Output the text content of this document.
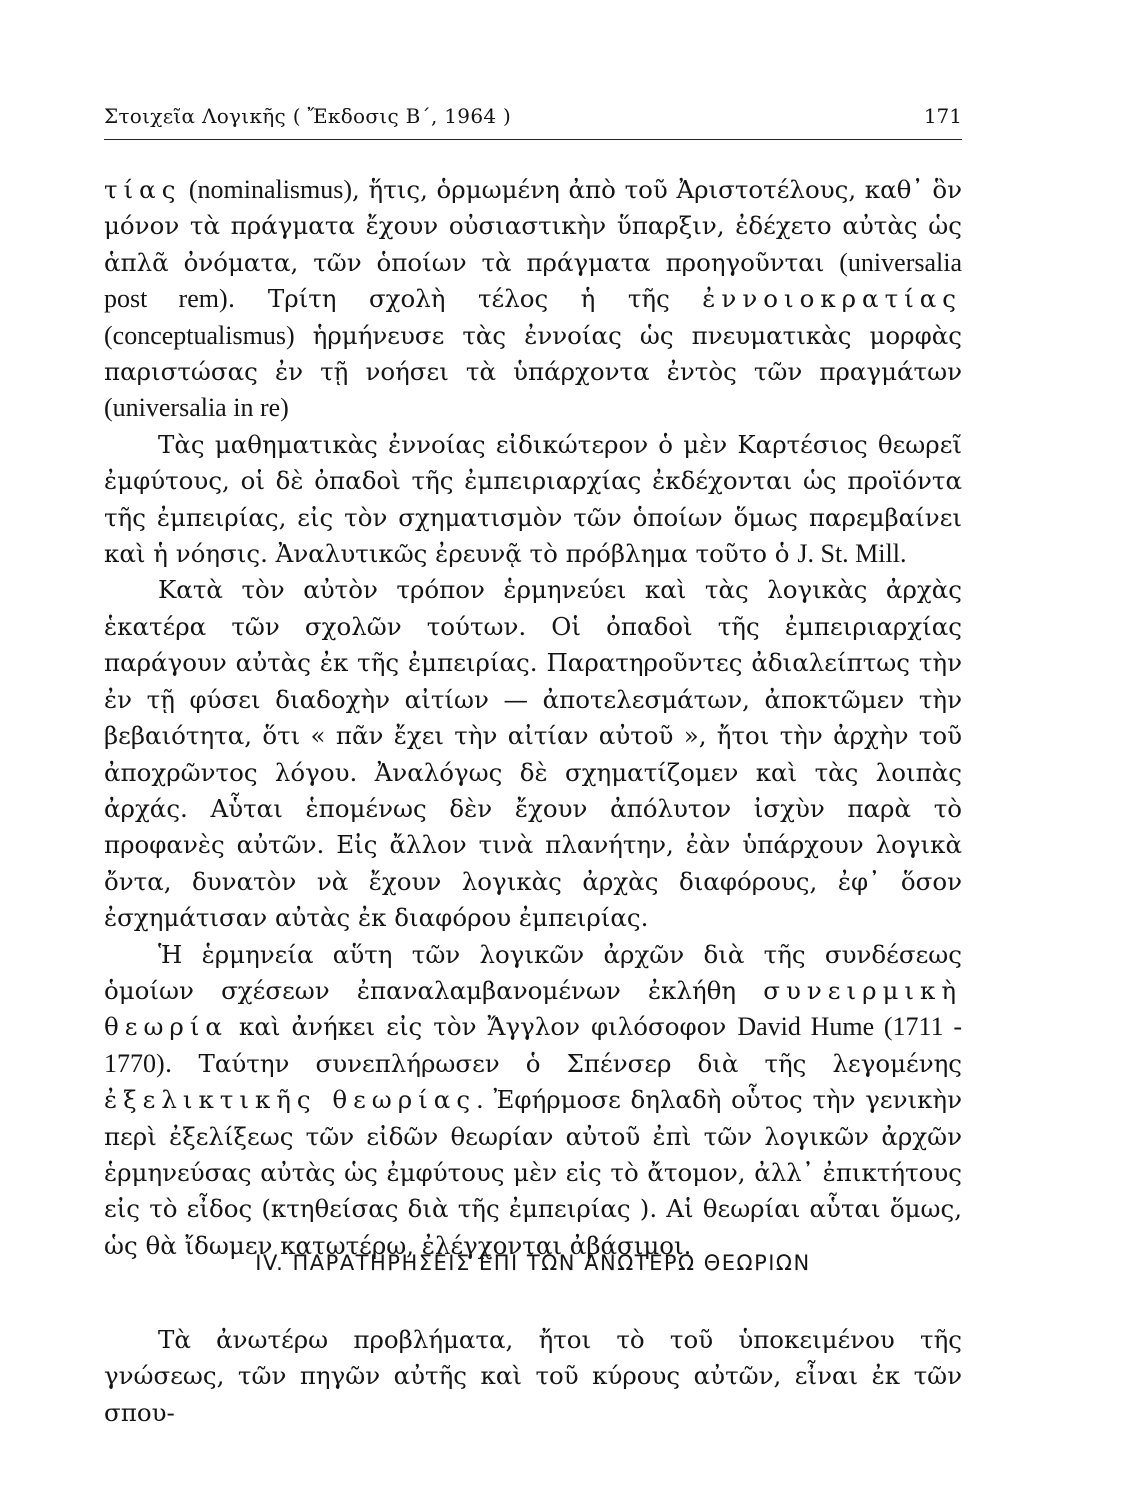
Στοιχεῖα Λογικῆς ( Ἔκδοσις Β΄, 1964 )	171

τίας (nominalismus), ἥτις, ὁρμωμένη ἀπὸ τοῦ Ἀριστοτέλους, καθ᾿ ὃν μόνον τὰ πράγματα ἔχουν οὐσιαστικὴν ὕπαρξιν, ἐδέχετο αὐτὰς ὡς ἁπλᾶ ὀνόματα, τῶν ὁποίων τὰ πράγματα προηγοῦνται (universalia post rem). Τρίτη σχολὴ τέλος ἡ τῆς ἐννοιοκρατίας (conceptualismus) ἡρμήνευσε τὰς ἐννοίας ὡς πνευματικὰς μορφὰς παριστώσας ἐν τῇ νοήσει τὰ ὑπάρχοντα ἐντὸς τῶν πραγμάτων (universalia in re)

Τὰς μαθηματικὰς ἐννοίας εἰδικώτερον ὁ μὲν Καρτέσιος θεωρεῖ ἐμφύτους, οἱ δὲ ὀπαδοὶ τῆς ἐμπειριαρχίας ἐκδέχονται ὡς προϊόντα τῆς ἐμπειρίας, εἰς τὸν σχηματισμὸν τῶν ὁποίων ὅμως παρεμβαίνει καὶ ἡ νόησις. Ἀναλυτικῶς ἐρευνᾷ τὸ πρόβλημα τοῦτο ὁ J. St. Mill.

Κατὰ τὸν αὐτὸν τρόπον ἑρμηνεύει καὶ τὰς λογικὰς ἀρχὰς ἑκατέρα τῶν σχολῶν τούτων. Οἱ ὀπαδοὶ τῆς ἐμπειριαρχίας παράγουν αὐτὰς ἐκ τῆς ἐμπειρίας. Παρατηροῦντες ἀδιαλείπτως τὴν ἐν τῇ φύσει διαδοχὴν αἰτίων — ἀποτελεσμάτων, ἀποκτῶμεν τὴν βεβαιότητα, ὅτι « πᾶν ἔχει τὴν αἰτίαν αὐτοῦ », ἤτοι τὴν ἀρχὴν τοῦ ἀποχρῶντος λόγου. Ἀναλόγως δὲ σχηματίζομεν καὶ τὰς λοιπὰς ἀρχάς. Αὗται ἑπομένως δὲν ἔχουν ἀπόλυτον ἰσχὺν παρὰ τὸ προφανὲς αὐτῶν. Εἰς ἄλλον τινὰ πλανήτην, ἐὰν ὑπάρχουν λογικὰ ὄντα, δυνατὸν νὰ ἔχουν λογικὰς ἀρχὰς διαφόρους, ἐφ᾿ ὅσον ἐσχημάτισαν αὐτὰς ἐκ διαφόρου ἐμπειρίας.

Ἡ ἑρμηνεία αὕτη τῶν λογικῶν ἀρχῶν διὰ τῆς συνδέσεως ὁμοίων σχέσεων ἐπαναλαμβανομένων ἐκλήθη συνειρμικὴ θεωρία καὶ ἀνήκει εἰς τὸν Ἄγγλον φιλόσοφον David Hume (1711 - 1770). Ταύτην συνεπλήρωσεν ὁ Σπένσερ διὰ τῆς λεγομένης ἐξελικτικῆς θεωρίας. Ἐφήρμοσε δηλαδὴ οὗτος τὴν γενικὴν περὶ ἐξελίξεως τῶν εἰδῶν θεωρίαν αὐτοῦ ἐπὶ τῶν λογικῶν ἀρχῶν ἑρμηνεύσας αὐτὰς ὡς ἐμφύτους μὲν εἰς τὸ ἄτομον, ἀλλ᾿ ἐπικτήτους εἰς τὸ εἶδος (κτηθείσας διὰ τῆς ἐμπειρίας ). Αἱ θεωρίαι αὗται ὅμως, ὡς θὰ ἴδωμεν κατωτέρω, ἐλέγχονται ἀβάσιμοι.

IV. ΠΑΡΑΤΗΡΗΣΕΙΣ ΕΠΙ ΤΩΝ ΑΝΩΤΕΡΩ ΘΕΩΡΙΩΝ

Τὰ ἀνωτέρω προβλήματα, ἤτοι τὸ τοῦ ὑποκειμένου τῆς γνώσεως, τῶν πηγῶν αὐτῆς καὶ τοῦ κύρους αὐτῶν, εἶναι ἐκ τῶν σπου-
